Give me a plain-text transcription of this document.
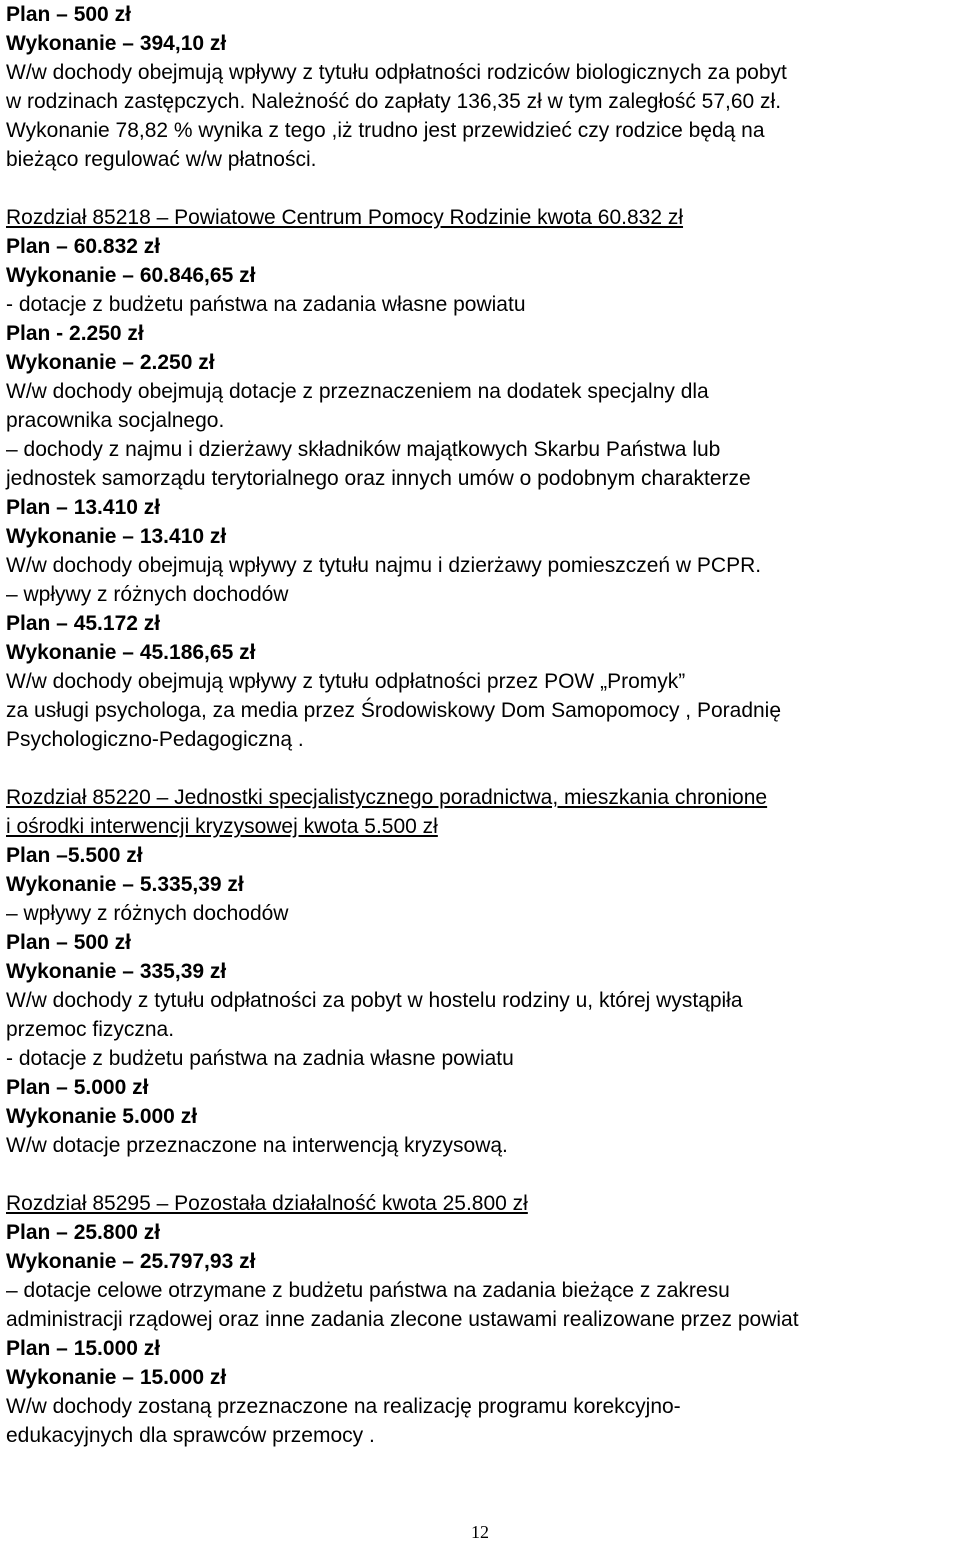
Plan – 500 zł
Wykonanie – 394,10 zł
W/w dochody obejmują wpływy z tytułu odpłatności rodziców biologicznych za pobyt
w rodzinach zastępczych. Należność do zapłaty 136,35 zł w tym zaległość 57,60 zł.
Wykonanie 78,82 % wynika z tego ,iż trudno jest przewidzieć czy rodzice będą na
bieżąco regulować w/w płatności.
Rozdział 85218 – Powiatowe Centrum Pomocy Rodzinie kwota 60.832 zł
Plan – 60.832 zł
Wykonanie – 60.846,65 zł
- dotacje z budżetu państwa na zadania własne powiatu
Plan - 2.250 zł
Wykonanie – 2.250 zł
W/w dochody obejmują dotacje z przeznaczeniem na dodatek specjalny dla
pracownika socjalnego.
– dochody z najmu i dzierżawy składników majątkowych Skarbu Państwa lub
jednostek samorządu terytorialnego oraz innych umów o podobnym charakterze
Plan – 13.410 zł
Wykonanie – 13.410 zł
W/w dochody obejmują wpływy z tytułu najmu i dzierżawy pomieszczeń w PCPR.
– wpływy z różnych dochodów
Plan – 45.172 zł
Wykonanie – 45.186,65 zł
W/w dochody obejmują wpływy z tytułu odpłatności przez POW „Promyk”
za usługi psychologa, za media przez Środowiskowy Dom Samopomocy , Poradnię
Psychologiczno-Pedagogiczną .
Rozdział 85220 – Jednostki specjalistycznego poradnictwa, mieszkania chronione
i ośrodki interwencji kryzysowej kwota 5.500 zł
Plan –5.500 zł
Wykonanie – 5.335,39 zł
– wpływy z różnych dochodów
Plan – 500 zł
Wykonanie – 335,39 zł
W/w dochody z tytułu odpłatności za pobyt w hostelu rodziny u, której wystąpiła
przemoc fizyczna.
- dotacje z budżetu państwa na zadnia własne powiatu
Plan – 5.000 zł
Wykonanie 5.000 zł
W/w dotacje przeznaczone na interwencją kryzysową.
Rozdział 85295 – Pozostała działalność kwota 25.800 zł
Plan – 25.800 zł
Wykonanie – 25.797,93 zł
– dotacje celowe otrzymane z budżetu państwa na zadania bieżące z zakresu
administracji rządowej oraz inne zadania zlecone ustawami realizowane przez powiat
Plan – 15.000 zł
Wykonanie – 15.000 zł
W/w dochody zostaną przeznaczone na realizację programu korekcyjno-
edukacyjnych dla sprawców przemocy .
12
